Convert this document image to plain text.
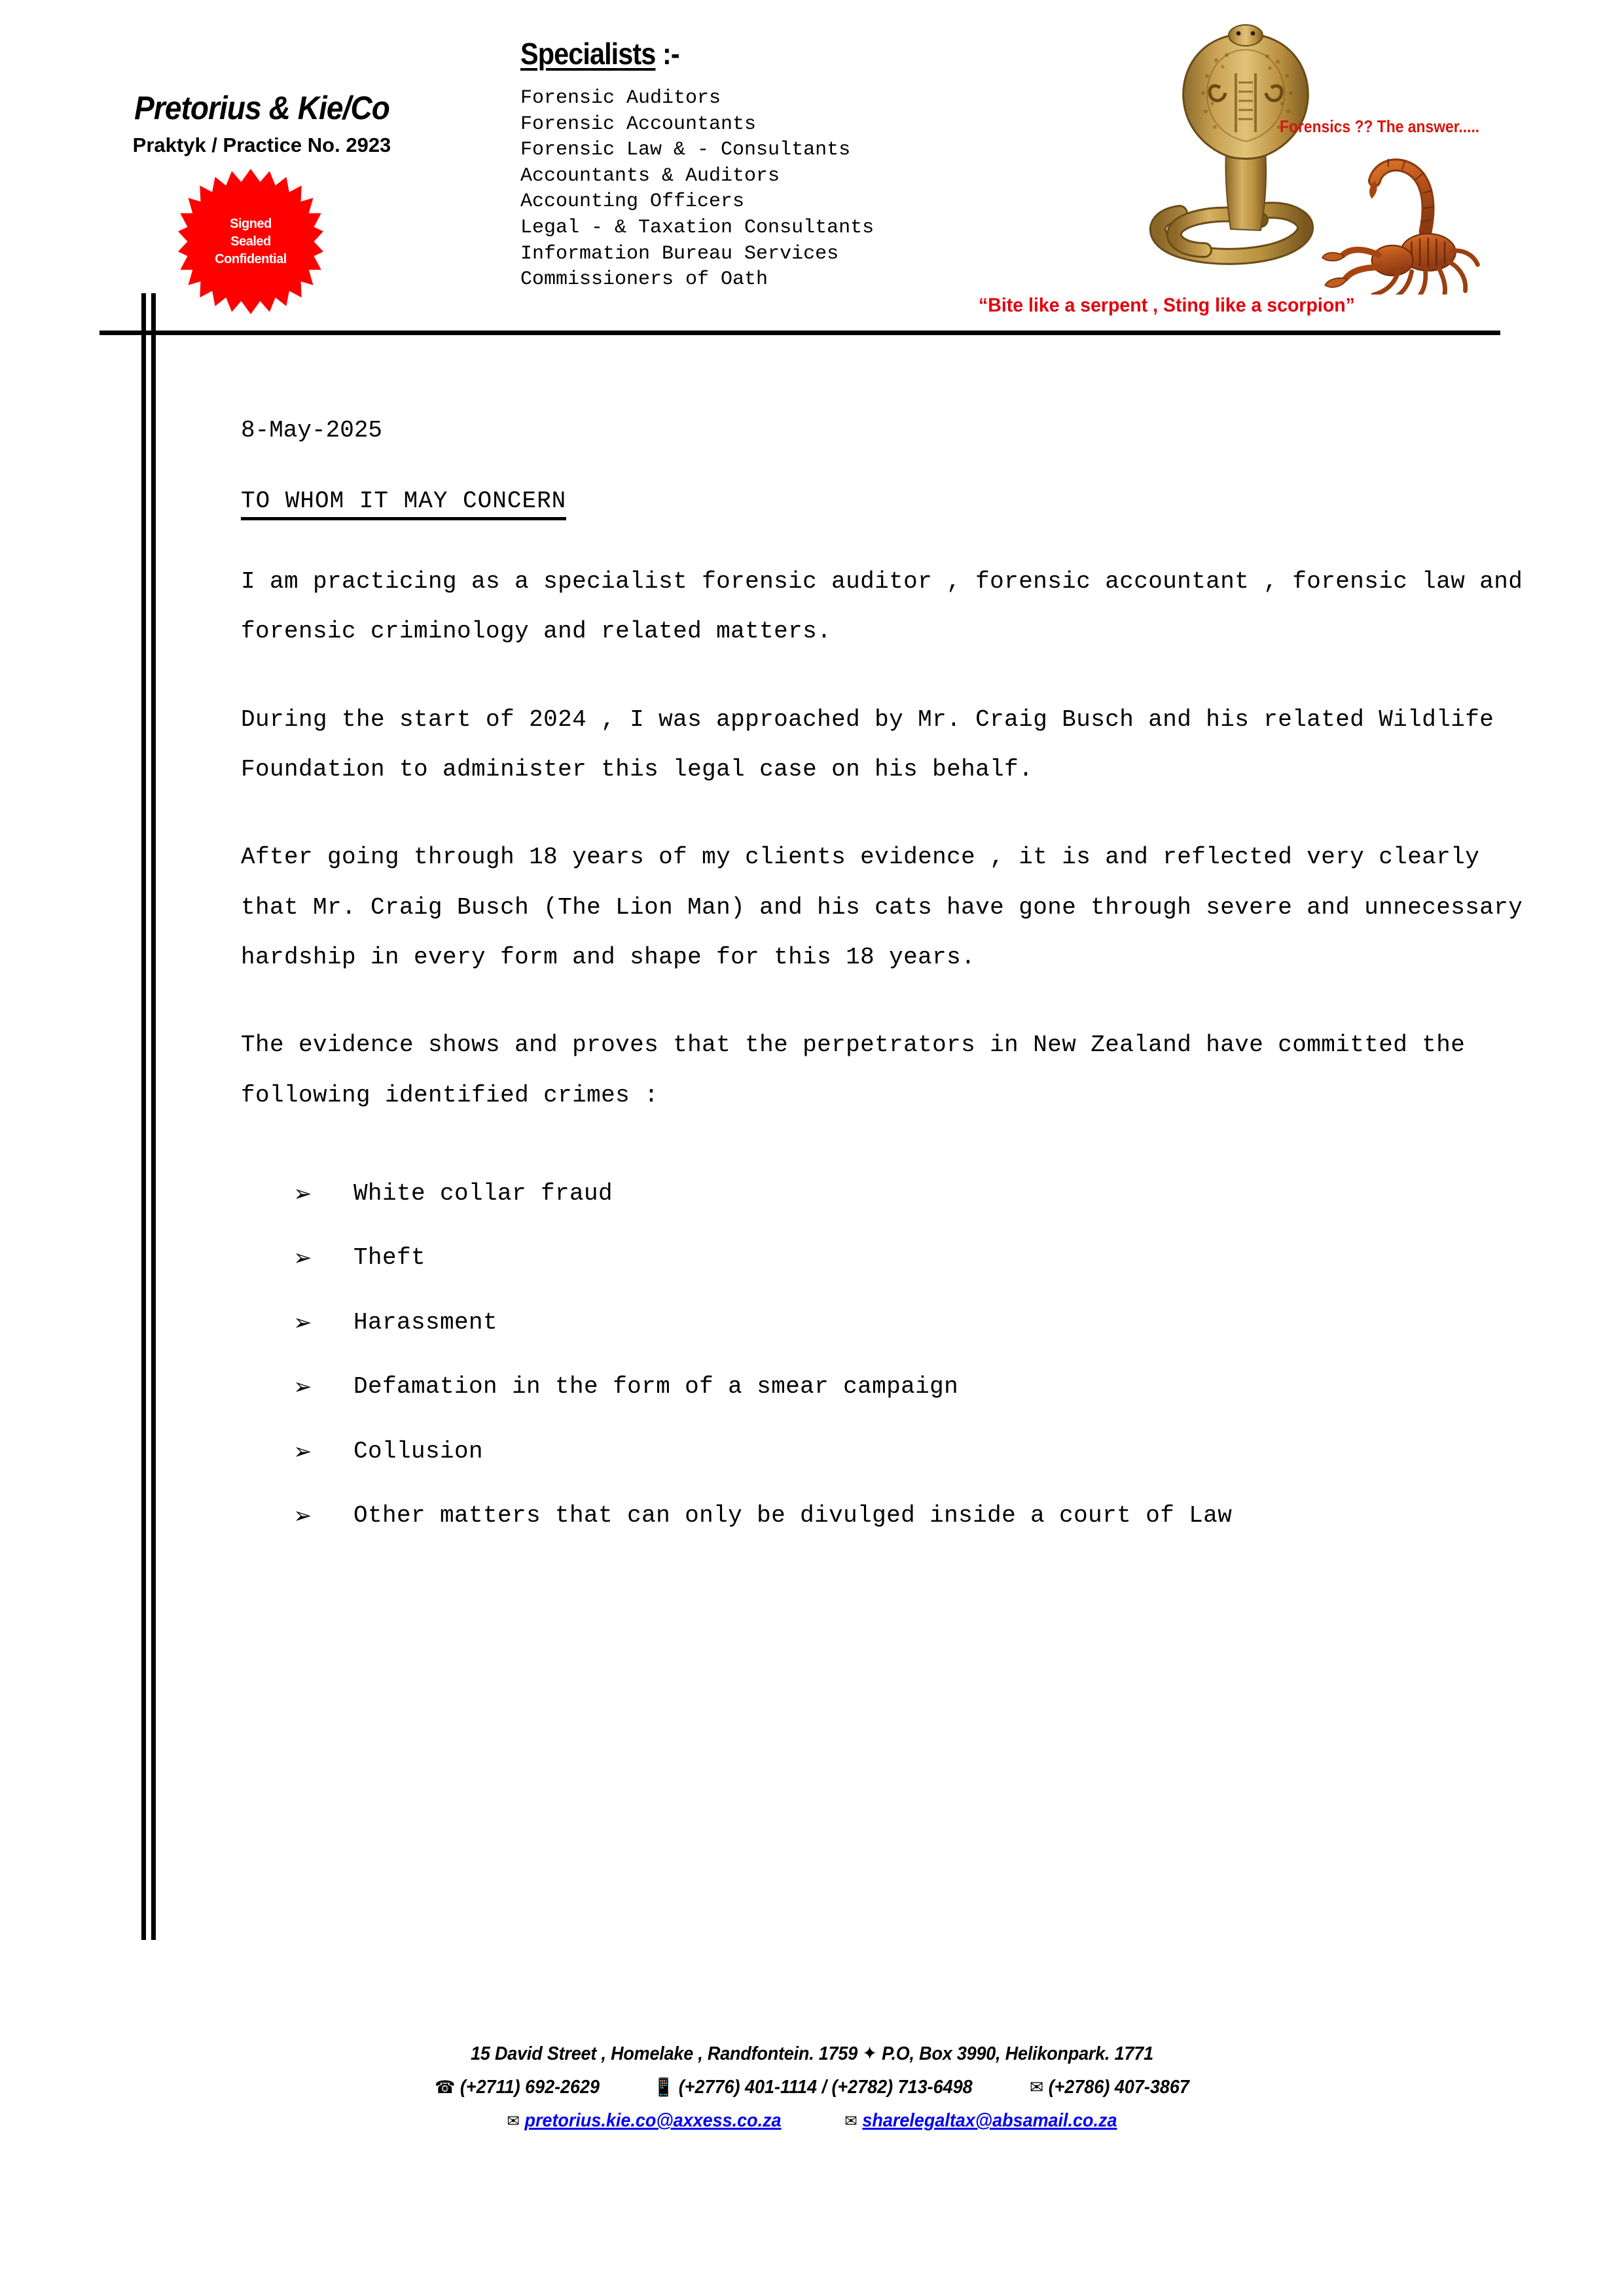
Pretorius & Kie/Co
Praktyk / Practice No. 2923
Signed
Sealed
Confidential
Specialists :-
Forensic Auditors
Forensic Accountants
Forensic Law & - Consultants
Accountants & Auditors
Accounting Officers
Legal - & Taxation Consultants
Information Bureau Services
Commissioners of Oath
Forensics ?? The answer.....
“Bite like a serpent , Sting like a scorpion”
8-May-2025
TO WHOM IT MAY CONCERN

I am practicing as a specialist forensic auditor , forensic accountant , forensic law and forensic criminology and related matters.

During the start of 2024 , I was approached by Mr. Craig Busch and his related Wildlife Foundation to administer this legal case on his behalf.

After going through 18 years of my clients evidence , it is and reflected very clearly that Mr. Craig Busch (The Lion Man) and his cats have gone through severe and unnecessary hardship in every form and shape for this 18 years.

The evidence shows and proves that the perpetrators in New Zealand have committed the following identified crimes :

➢	White collar fraud
➢	Theft
➢	Harassment
➢	Defamation in the form of a smear campaign
➢	Collusion
➢	Other matters that can only be divulged inside a court of Law
15 David Street , Homelake , Randfontein. 1759 ✦ P.O, Box 3990, Helikonpark. 1771
☎ (+2711) 692-2629	📱 (+2776) 401-1114 / (+2782) 713-6498	✉ (+2786) 407-3867
✉ pretorius.kie.co@axxess.co.za	✉ sharelegaltax@absamail.co.za
